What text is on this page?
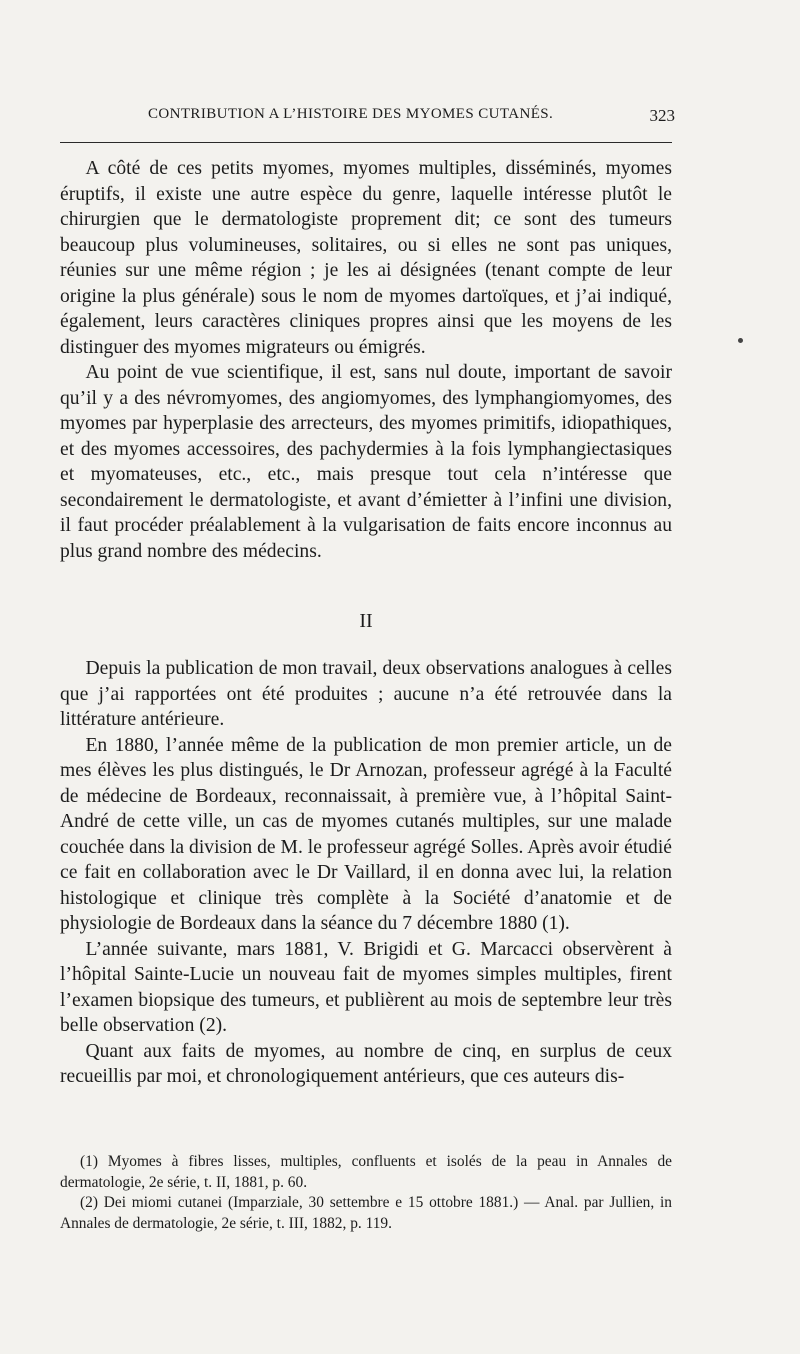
CONTRIBUTION A L’HISTOIRE DES MYOMES CUTANÉS.	323

A côté de ces petits myomes, myomes multiples, disséminés, myomes éruptifs, il existe une autre espèce du genre, laquelle intéresse plutôt le chirurgien que le dermatologiste proprement dit; ce sont des tumeurs beaucoup plus volumineuses, solitaires, ou si elles ne sont pas uniques, réunies sur une même région ; je les ai désignées (tenant compte de leur origine la plus générale) sous le nom de myomes dartoïques, et j’ai indiqué, également, leurs caractères cliniques propres ainsi que les moyens de les distinguer des myomes migrateurs ou émigrés.

Au point de vue scientifique, il est, sans nul doute, important de savoir qu’il y a des névromyomes, des angiomyomes, des lymphangiomyomes, des myomes par hyperplasie des arrecteurs, des myomes primitifs, idiopathiques, et des myomes accessoires, des pachydermies à la fois lymphangiectasiques et myomateuses, etc., etc., mais presque tout cela n’intéresse que secondairement le dermatologiste, et avant d’émietter à l’infini une division, il faut procéder préalablement à la vulgarisation de faits encore inconnus au plus grand nombre des médecins.

II

Depuis la publication de mon travail, deux observations analogues à celles que j’ai rapportées ont été produites ; aucune n’a été retrouvée dans la littérature antérieure.

En 1880, l’année même de la publication de mon premier article, un de mes élèves les plus distingués, le Dr Arnozan, professeur agrégé à la Faculté de médecine de Bordeaux, reconnaissait, à première vue, à l’hôpital Saint-André de cette ville, un cas de myomes cutanés multiples, sur une malade couchée dans la division de M. le professeur agrégé Solles. Après avoir étudié ce fait en collaboration avec le Dr Vaillard, il en donna avec lui, la relation histologique et clinique très complète à la Société d’anatomie et de physiologie de Bordeaux dans la séance du 7 décembre 1880 (1).

L’année suivante, mars 1881, V. Brigidi et G. Marcacci observèrent à l’hôpital Sainte-Lucie un nouveau fait de myomes simples multiples, firent l’examen biopsique des tumeurs, et publièrent au mois de septembre leur très belle observation (2).

Quant aux faits de myomes, au nombre de cinq, en surplus de ceux recueillis par moi, et chronologiquement antérieurs, que ces auteurs dis-

(1) Myomes à fibres lisses, multiples, confluents et isolés de la peau in Annales de dermatologie, 2e série, t. II, 1881, p. 60.

(2) Dei miomi cutanei (Imparziale, 30 settembre e 15 ottobre 1881.) — Anal. par Jullien, in Annales de dermatologie, 2e série, t. III, 1882, p. 119.
